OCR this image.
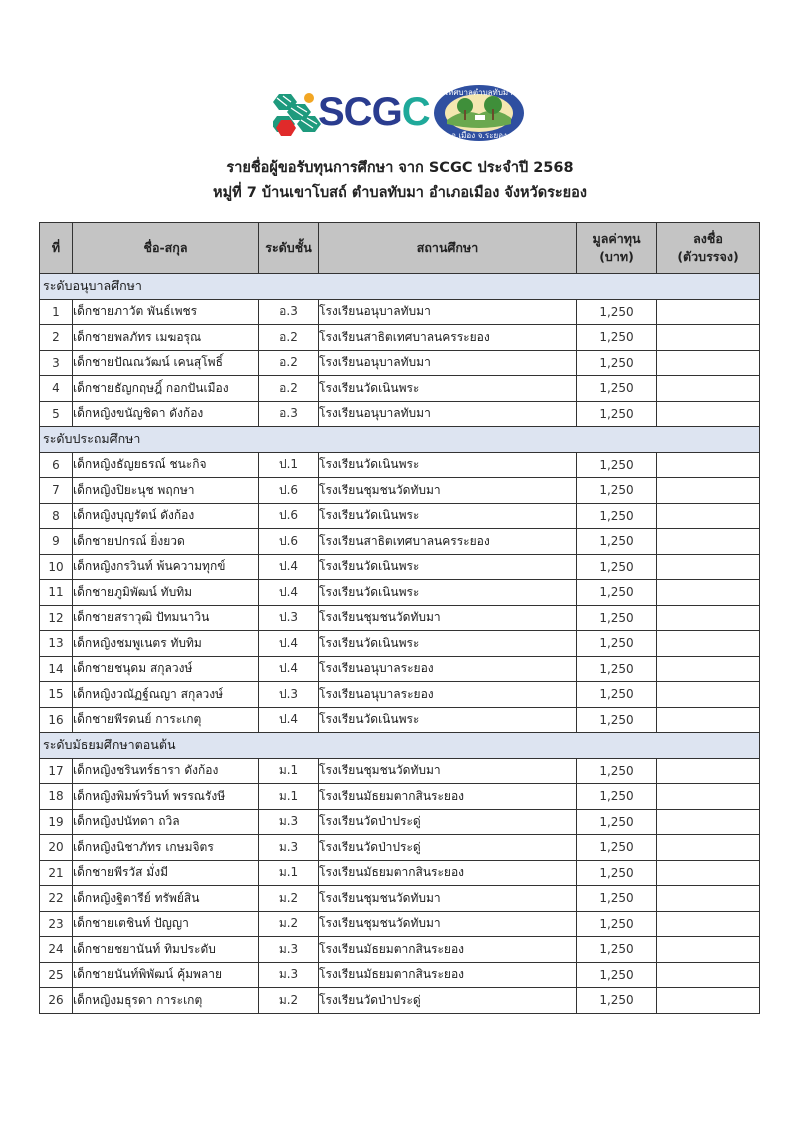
SCGC เทศบาลตำบลทับมา
อ.เมือง จ.ระยอง
รายชื่อผู้ขอรับทุนการศึกษา จาก SCGC ประจำปี 2568
หมู่ที่ 7 บ้านเขาโบสถ์ ตำบลทับมา อำเภอเมือง จังหวัดระยอง
ที่	ชื่อ-สกุล	ระดับชั้น	สถานศึกษา	มูลค่าทุน
(บาท)	ลงชื่อ
(ตัวบรรจง)
ระดับอนุบาลศึกษา					
1	เด็กชายภาวัต พันธ์เพชร	อ.3	โรงเรียนอนุบาลทับมา	1,250	
2	เด็กชายพลภัทร เมฆอรุณ	อ.2	โรงเรียนสาธิตเทศบาลนครระยอง	1,250	
3	เด็กชายปัณณวัฒน์ เคนสุโพธิ์	อ.2	โรงเรียนอนุบาลทับมา	1,250	
4	เด็กชายธัญกฤษฎิ์ กอกปันเมือง	อ.2	โรงเรียนวัดเนินพระ	1,250	
5	เด็กหญิงขนัญชิดา ดังก้อง	อ.3	โรงเรียนอนุบาลทับมา	1,250	
ระดับประถมศึกษา					
6	เด็กหญิงธัญยธรณ์ ชนะกิจ	ป.1	โรงเรียนวัดเนินพระ	1,250	
7	เด็กหญิงปิยะนุช พฤกษา	ป.6	โรงเรียนชุมชนวัดทับมา	1,250	
8	เด็กหญิงบุญรัตน์ ดังก้อง	ป.6	โรงเรียนวัดเนินพระ	1,250	
9	เด็กชายปกรณ์ ยิ่งยวด	ป.6	โรงเรียนสาธิตเทศบาลนครระยอง	1,250	
10	เด็กหญิงกรวินท์ พ้นความทุกข์	ป.4	โรงเรียนวัดเนินพระ	1,250	
11	เด็กชายภูมิพัฒน์ ทับทิม	ป.4	โรงเรียนวัดเนินพระ	1,250	
12	เด็กชายสราวุฒิ ปัทมนาวิน	ป.3	โรงเรียนชุมชนวัดทับมา	1,250	
13	เด็กหญิงชมพูเนตร ทับทิม	ป.4	โรงเรียนวัดเนินพระ	1,250	
14	เด็กชายชนุดม สกุลวงษ์	ป.4	โรงเรียนอนุบาลระยอง	1,250	
15	เด็กหญิงวณัฏฐ์ณญา สกุลวงษ์	ป.3	โรงเรียนอนุบาลระยอง	1,250	
16	เด็กชายพีรดนย์ การะเกตุ	ป.4	โรงเรียนวัดเนินพระ	1,250	
ระดับมัธยมศึกษาตอนต้น					
17	เด็กหญิงชรินทร์ธารา ดังก้อง	ม.1	โรงเรียนชุมชนวัดทับมา	1,250	
18	เด็กหญิงพิมพ์รวินท์ พรรณรังษี	ม.1	โรงเรียนมัธยมตากสินระยอง	1,250	
19	เด็กหญิงปนัทดา ถวิล	ม.3	โรงเรียนวัดป่าประดู่	1,250	
20	เด็กหญิงนิชาภัทร เกษมจิตร	ม.3	โรงเรียนวัดป่าประดู่	1,250	
21	เด็กชายพีรวัส มั่งมี	ม.1	โรงเรียนมัธยมตากสินระยอง	1,250	
22	เด็กหญิงฐิตารีย์ ทรัพย์สิน	ม.2	โรงเรียนชุมชนวัดทับมา	1,250	
23	เด็กชายเตชินท์ ปัญญา	ม.2	โรงเรียนชุมชนวัดทับมา	1,250	
24	เด็กชายชยานันท์ ทิมประดับ	ม.3	โรงเรียนมัธยมตากสินระยอง	1,250	
25	เด็กชายนันท์พิพัฒน์ คุ้มพลาย	ม.3	โรงเรียนมัธยมตากสินระยอง	1,250	
26	เด็กหญิงมธุรดา การะเกตุ	ม.2	โรงเรียนวัดป่าประดู่	1,250	
